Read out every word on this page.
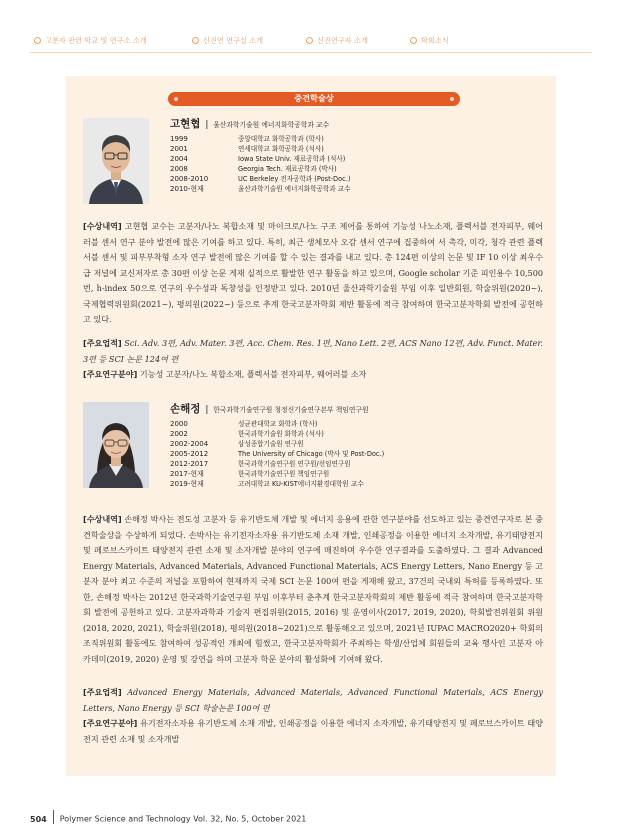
고분자 관련 학교 및 연구소 소개	신진연 연구실 소개	신진연구자 소개	학회소식
중견학술상
고현협 | 울산과학기술원 에너지화학공학과 교수
1999	중앙대학교 화학공학과 (학사)
2001	연세대학교 화학공학과 (석사)
2004	Iowa State Univ. 재료공학과 (석사)
2008	Georgia Tech. 재료공학과 (박사)
2008-2010	UC Berkeley 전자공학과 (Post-Doc.)
2010-현재	울산과학기술원 에너지화학공학과 교수
[수상내역] 고현협 교수는 고분자/나노 복합소재 및 마이크로/나노 구조 제어를 통하여 기능성 나노소재, 플렉서블 전자피부, 웨어러블 센서 연구 분야 발전에 많은 기여를 하고 있다. 특히, 최근 생체모사 오감 센서 연구에 집중하여 서 촉각, 미각, 청각 관련 플렉서블 센서 및 피부부착형 소자 연구 발전에 많은 기여를 할 수 있는 결과를 내고 있다. 총 124편 이상의 논문 및 IF 10 이상 최우수급 저널에 교신저자로 총 30편 이상 논문 게재 실적으로 활발한 연구 활동을 하고 있으며, Google scholar 기준 피인용수 10,500번, h-index 50으로 연구의 우수성과 독창성을 인정받고 있다. 2010년 울산과학기술원 부임 이후 일반회원, 학술위원(2020~), 국제협력위원회(2021~), 평의원(2022~) 등으로 추계 한국고분자학회 제반 활동에 적극 참여하며 한국고분자학회 발전에 공헌하고 있다.
[주요업적] Sci. Adv. 3편, Adv. Mater. 3편, Acc. Chem. Res. 1편, Nano Lett. 2편, ACS Nano 12편, Adv. Funct. Mater. 3편 등 SCI 논문 124여 편
[주요연구분야] 기능성 고분자/나노 복합소재, 플렉서블 전자피부, 웨어러블 소자
손해정 | 한국과학기술연구원 청정신기술연구본부 책임연구원
2000	성균관대학교 화학과 (학사)
2002	한국과학기술원 화학과 (석사)
2002-2004	삼성종합기술원 연구원
2005-2012	The University of Chicago (박사 및 Post-Doc.)
2012-2017	한국과학기술연구원 연구원/선임연구원
2017-현재	한국과학기술연구원 책임연구원
2019-현재	고려대학교 KU-KIST에너지환경대학원 교수
[수상내역] 손해정 박사는 전도성 고분자 등 유기반도체 개발 및 에너지 응용에 관한 연구분야를 선도하고 있는 중견연구자로 본 중견학술상을 수상하게 되었다. 손박사는 유기전자소자용 유기반도체 소재 개발, 인쇄공정을 이용한 에너지 소자개발, 유기태양전지 및 페로브스카이트 태양전지 관련 소재 및 소자개발 분야의 연구에 매진하며 우수한 연구결과를 도출하였다. 그 결과 Advanced Energy Materials, Advanced Materials, Advanced Functional Materials, ACS Energy Letters, Nano Energy 등 고분자 분야 최고 수준의 저널을 포함하여 현재까지 국제 SCI 논문 100여 편을 게재해 왔고, 37건의 국내외 특허를 등록하였다. 또한, 손해정 박사는 2012년 한국과학기술연구원 부임 이후부터 춘추계 한국고분자학회의 제반 활동에 적극 참여하며 한국고분자학회 발전에 공헌하고 있다. 고분자과학과 기술지 편집위원(2015, 2016) 및 운영이사(2017, 2019, 2020), 학회발전위원회 위원(2018, 2020, 2021), 학술위원(2018), 평의원(2018~2021)으로 활동해오고 있으며, 2021년 IUPAC MACRO2020+ 학회의 조직위원회 활동에도 참여하여 성공적인 개최에 힘썼고, 한국고분자학회가 주최하는 학생/산업체 회원들의 교육 행사인 고분자 아카데미(2019, 2020) 운영 및 강연을 하며 고분자 학문 분야의 활성화에 기여해 왔다.
[주요업적] Advanced Energy Materials, Advanced Materials, Advanced Functional Materials, ACS Energy Letters, Nano Energy 등 SCI 학술논문 100여 편
[주요연구분야] 유기전자소자용 유기반도체 소재 개발, 인쇄공정을 이용한 에너지 소자개발, 유기태양전지 및 페로브스카이트 태양전지 관련 소재 및 소자개발
504 Polymer Science and Technology Vol. 32, No. 5, October 2021
